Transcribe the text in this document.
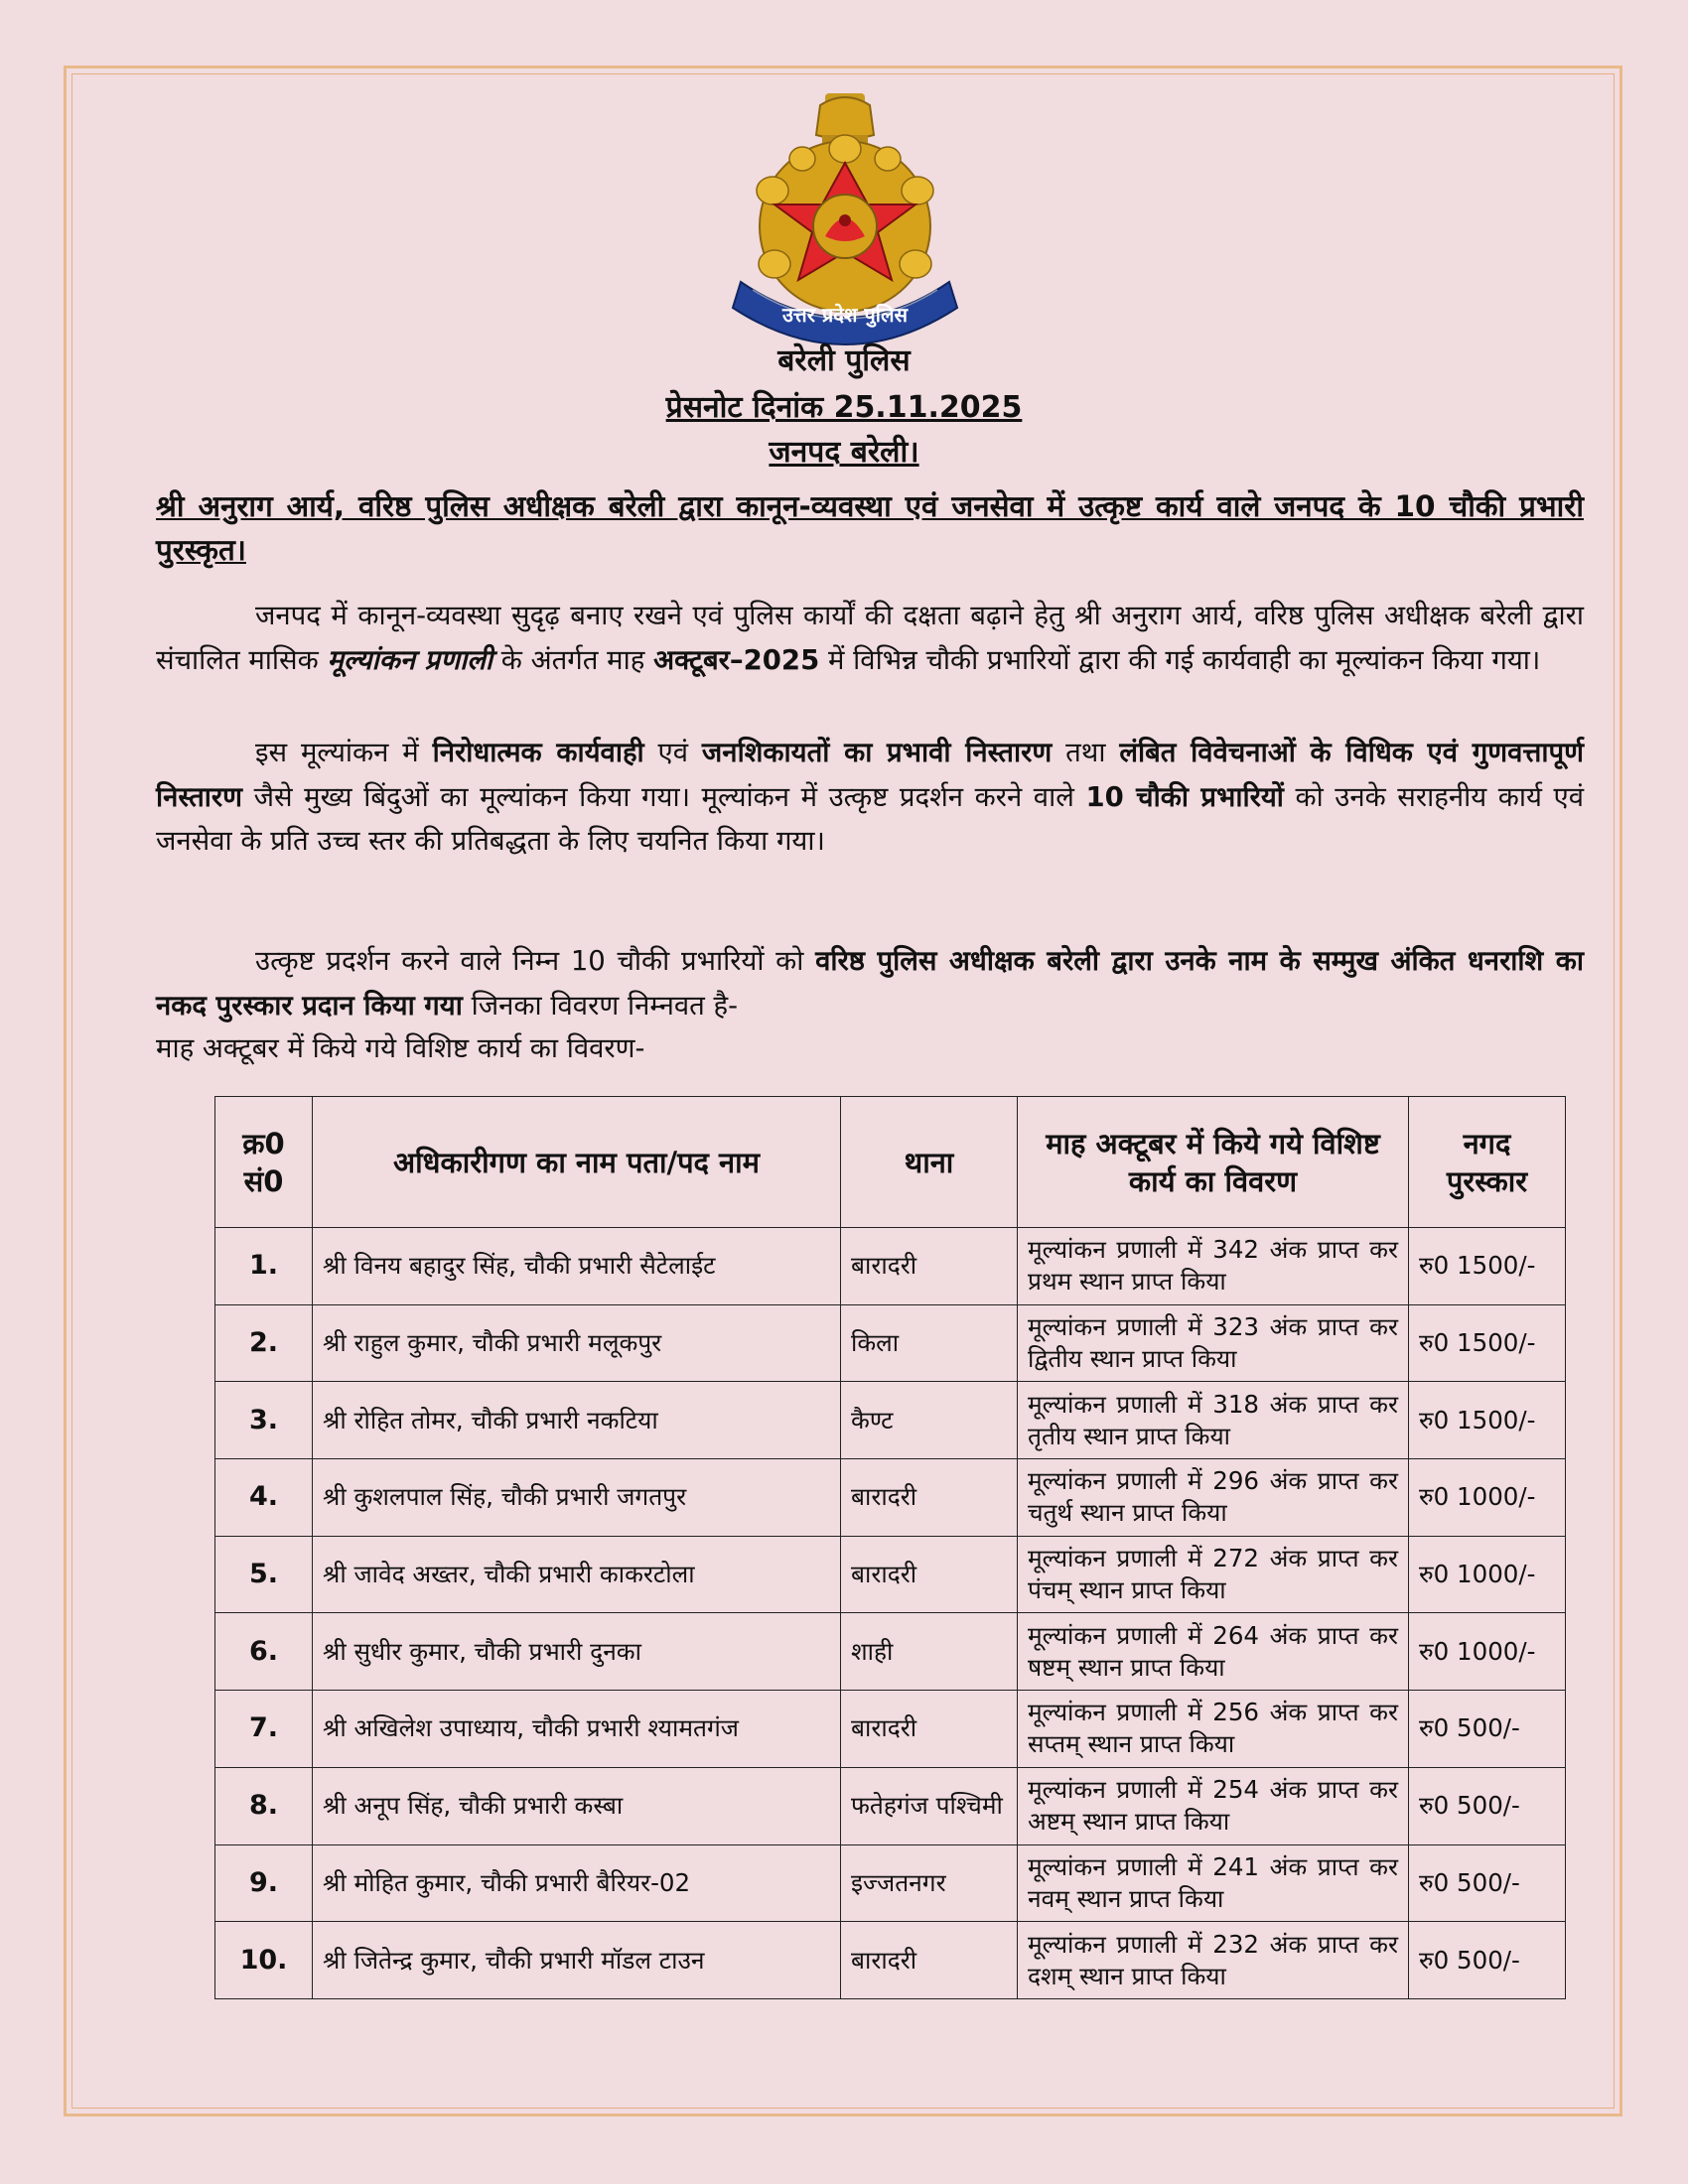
उत्तर प्रदेश पुलिस
बरेली पुलिस
प्रेसनोट दिनांक 25.11.2025
जनपद बरेली।
श्री अनुराग आर्य, वरिष्ठ पुलिस अधीक्षक बरेली द्वारा कानून-व्यवस्था एवं जनसेवा में उत्कृष्ट कार्य वाले जनपद के 10 चौकी प्रभारी पुरस्कृत।
जनपद में कानून-व्यवस्था सुदृढ़ बनाए रखने एवं पुलिस कार्यों की दक्षता बढ़ाने हेतु श्री अनुराग आर्य, वरिष्ठ पुलिस अधीक्षक बरेली द्वारा संचालित मासिक मूल्यांकन प्रणाली के अंतर्गत माह अक्टूबर–2025 में विभिन्न चौकी प्रभारियों द्वारा की गई कार्यवाही का मूल्यांकन किया गया।
इस मूल्यांकन में निरोधात्मक कार्यवाही एवं जनशिकायतों का प्रभावी निस्तारण तथा लंबित विवेचनाओं के विधिक एवं गुणवत्तापूर्ण निस्तारण जैसे मुख्य बिंदुओं का मूल्यांकन किया गया। मूल्यांकन में उत्कृष्ट प्रदर्शन करने वाले 10 चौकी प्रभारियों को उनके सराहनीय कार्य एवं जनसेवा के प्रति उच्च स्तर की प्रतिबद्धता के लिए चयनित किया गया।
उत्कृष्ट प्रदर्शन करने वाले निम्न 10 चौकी प्रभारियों को वरिष्ठ पुलिस अधीक्षक बरेली द्वारा उनके नाम के सम्मुख अंकित धनराशि का नकद पुरस्कार प्रदान किया गया जिनका विवरण निम्नवत है-
माह अक्टूबर में किये गये विशिष्ट कार्य का विवरण-
क्र0 सं0	अधिकारीगण का नाम पता/पद नाम	थाना	माह अक्टूबर में किये गये विशिष्ट कार्य का विवरण	नगद पुरस्कार
1.	श्री विनय बहादुर सिंह, चौकी प्रभारी सैटेलाईट	बारादरी	मूल्यांकन प्रणाली में 342 अंक प्राप्त कर प्रथम स्थान प्राप्त किया	रु0 1500/-
2.	श्री राहुल कुमार, चौकी प्रभारी मलूकपुर	किला	मूल्यांकन प्रणाली में 323 अंक प्राप्त कर द्वितीय स्थान प्राप्त किया	रु0 1500/-
3.	श्री रोहित तोमर, चौकी प्रभारी नकटिया	कैण्ट	मूल्यांकन प्रणाली में 318 अंक प्राप्त कर तृतीय स्थान प्राप्त किया	रु0 1500/-
4.	श्री कुशलपाल सिंह, चौकी प्रभारी जगतपुर	बारादरी	मूल्यांकन प्रणाली में 296 अंक प्राप्त कर चतुर्थ स्थान प्राप्त किया	रु0 1000/-
5.	श्री जावेद अख्तर, चौकी प्रभारी काकरटोला	बारादरी	मूल्यांकन प्रणाली में 272 अंक प्राप्त कर पंचम् स्थान प्राप्त किया	रु0 1000/-
6.	श्री सुधीर कुमार, चौकी प्रभारी दुनका	शाही	मूल्यांकन प्रणाली में 264 अंक प्राप्त कर षष्टम् स्थान प्राप्त किया	रु0 1000/-
7.	श्री अखिलेश उपाध्याय, चौकी प्रभारी श्यामतगंज	बारादरी	मूल्यांकन प्रणाली में 256 अंक प्राप्त कर सप्तम् स्थान प्राप्त किया	रु0 500/-
8.	श्री अनूप सिंह, चौकी प्रभारी कस्बा	फतेहगंज पश्चिमी	मूल्यांकन प्रणाली में 254 अंक प्राप्त कर अष्टम् स्थान प्राप्त किया	रु0 500/-
9.	श्री मोहित कुमार, चौकी प्रभारी बैरियर-02	इज्जतनगर	मूल्यांकन प्रणाली में 241 अंक प्राप्त कर नवम् स्थान प्राप्त किया	रु0 500/-
10.	श्री जितेन्द्र कुमार, चौकी प्रभारी मॉडल टाउन	बारादरी	मूल्यांकन प्रणाली में 232 अंक प्राप्त कर दशम् स्थान प्राप्त किया	रु0 500/-
